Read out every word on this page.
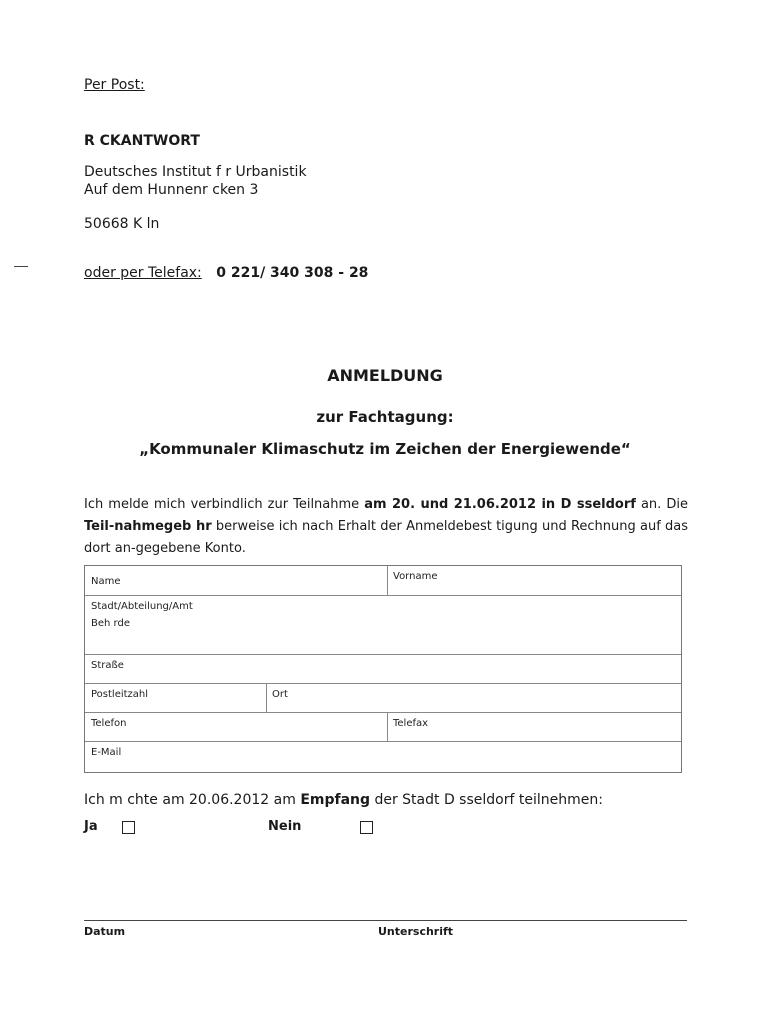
Per Post:
R CKANTWORT
Deutsches Institut f r Urbanistik
Auf dem Hunnenr cken 3
50668 K ln
oder per Telefax: 0 221/ 340 308 - 28
ANMELDUNG
zur Fachtagung:
„Kommunaler Klimaschutz im Zeichen der Energiewende“
Ich melde mich verbindlich zur Teilnahme am 20. und 21.06.2012 in D sseldorf an. Die Teil-nahmegeb hr berweise ich nach Erhalt der Anmeldebest tigung und Rechnung auf das dort an-gegebene Konto.
Name	Vorname
Stadt/Abteilung/Amt
Beh rde
Straße
Postleitzahl	Ort
Telefon	Telefax
E-Mail
Ich m chte am 20.06.2012 am Empfang der Stadt D sseldorf teilnehmen:
Ja	Nein
Datum	Unterschrift
